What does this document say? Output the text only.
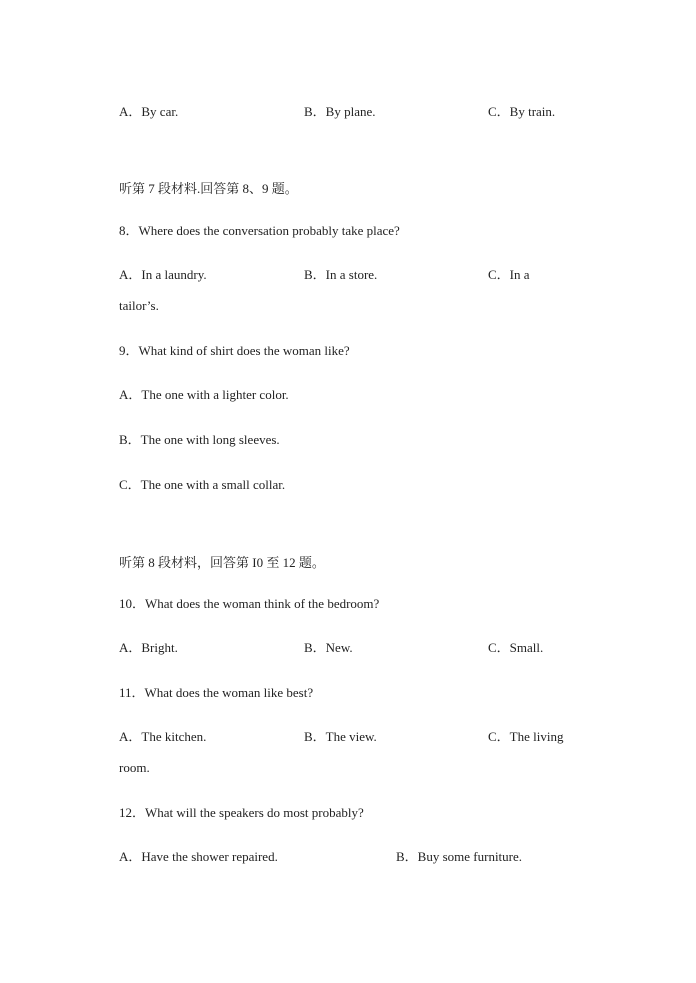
A．By car.	B．By plane.	C．By train.
听第 7 段材料.回答第 8、9 题。
8．Where does the conversation probably take place?
A．In a laundry.	B．In a store.	C．In a
tailor’s.
9．What kind of shirt does the woman like?
A．The one with a lighter color.
B．The one with long sleeves.
C．The one with a small collar.
听第 8 段材料，回答第 I0 至 12 题。
10．What does the woman think of the bedroom?
A．Bright.	B．New.	C．Small.
11．What does the woman like best?
A．The kitchen.	B．The view.	C．The living
room.
12．What will the speakers do most probably?
A．Have the shower repaired.	B．Buy some furniture.
